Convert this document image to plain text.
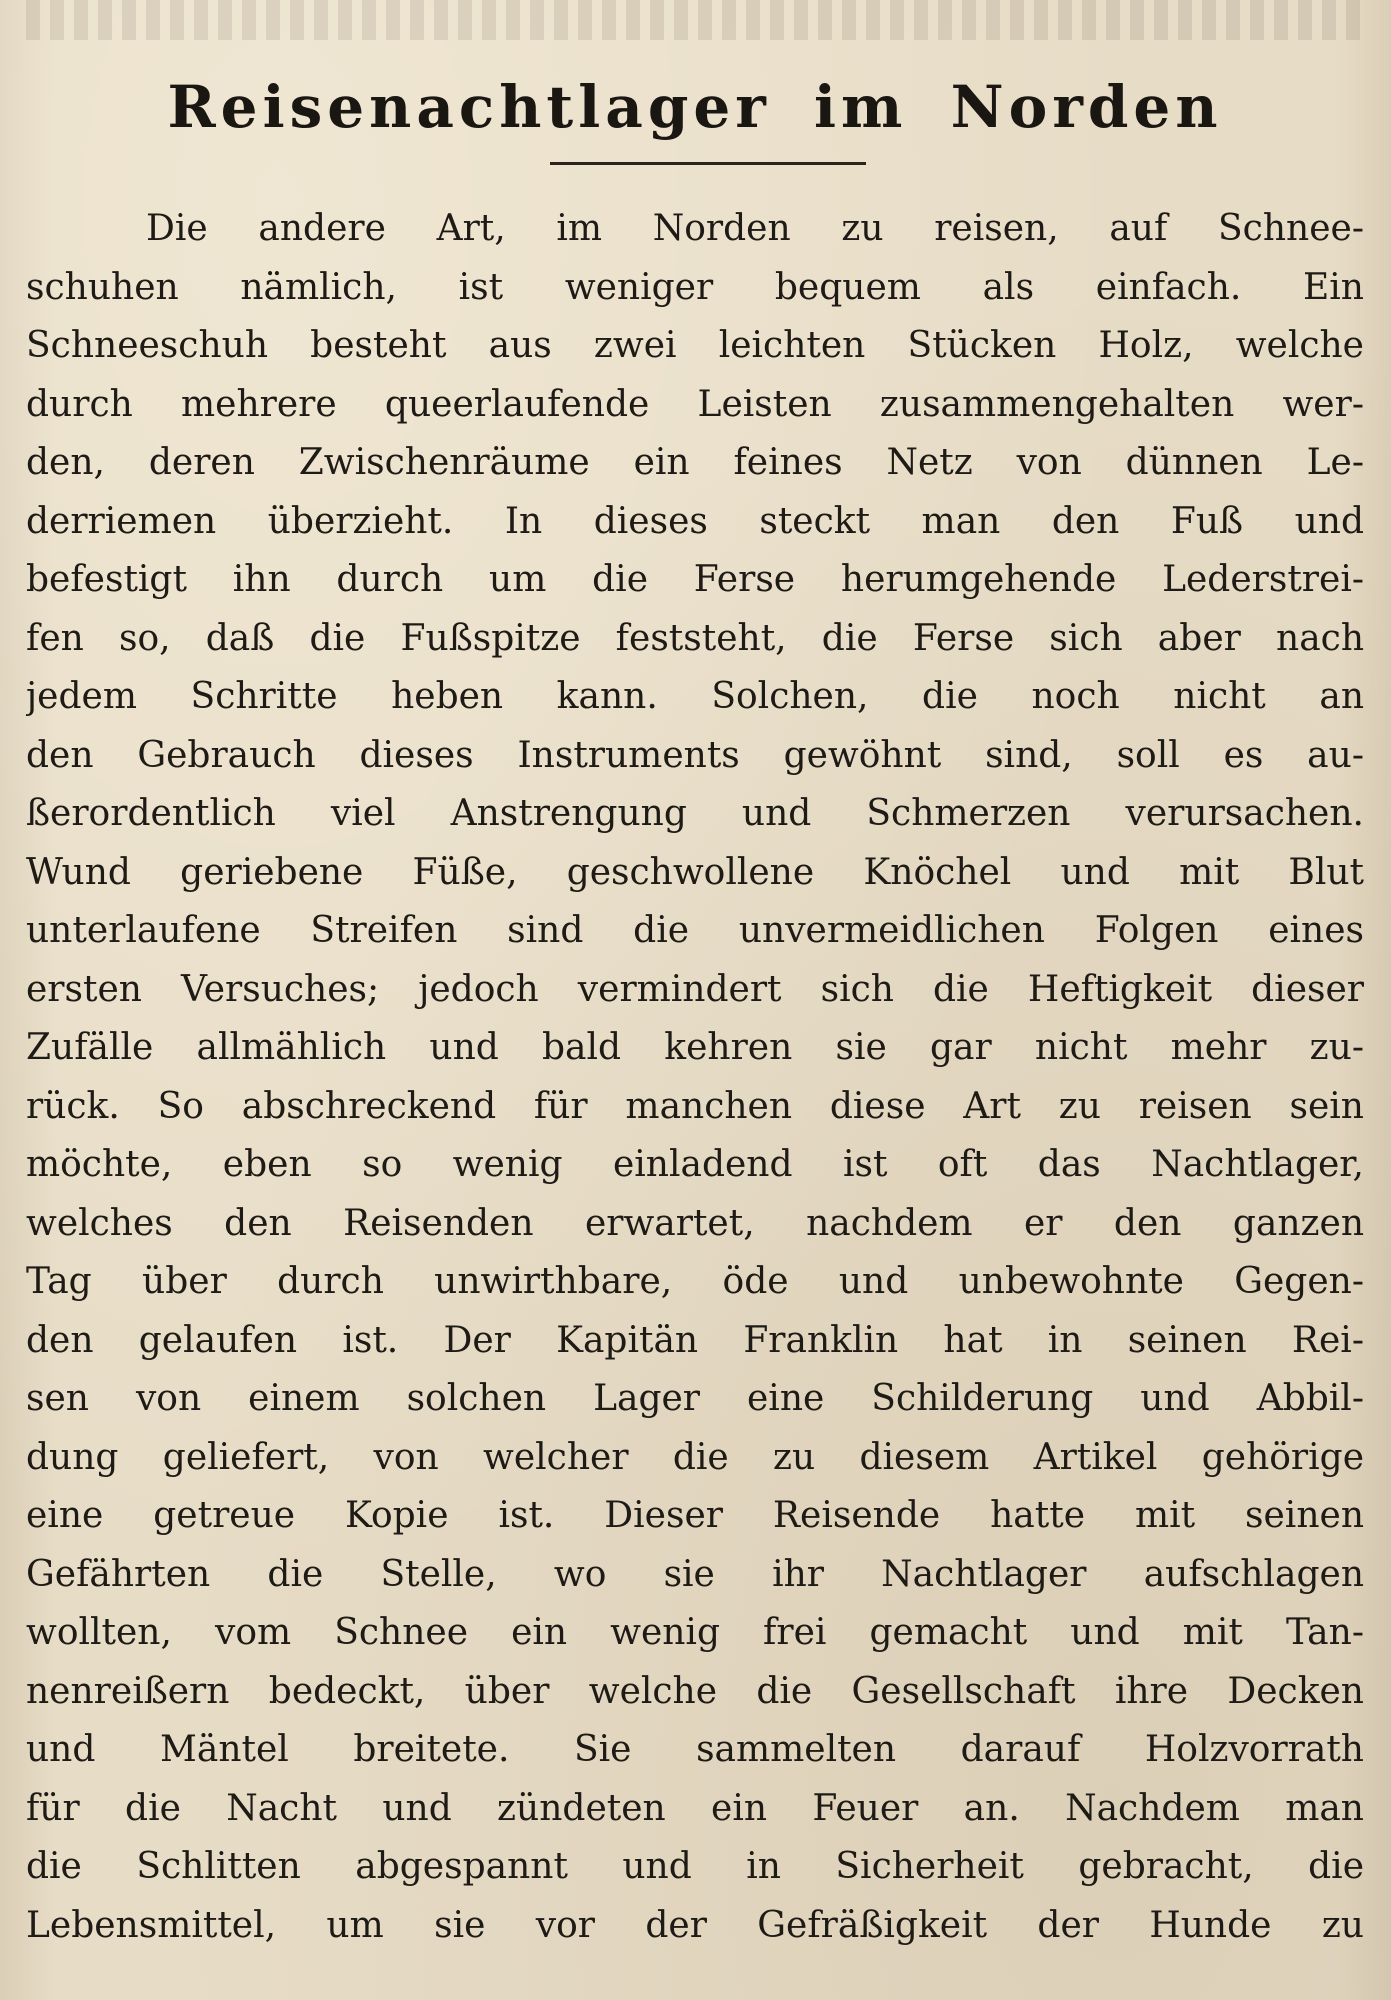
Reisenachtlager im Norden
Die andere Art, im Norden zu reisen, auf Schnee-
schuhen nämlich, ist weniger bequem als einfach. Ein
Schneeschuh besteht aus zwei leichten Stücken Holz, welche
durch mehrere queerlaufende Leisten zusammengehalten wer-
den, deren Zwischenräume ein feines Netz von dünnen Le-
derriemen überzieht. In dieses steckt man den Fuß und
befestigt ihn durch um die Ferse herumgehende Lederstrei-
fen so, daß die Fußspitze feststeht, die Ferse sich aber nach
jedem Schritte heben kann. Solchen, die noch nicht an
den Gebrauch dieses Instruments gewöhnt sind, soll es au-
ßerordentlich viel Anstrengung und Schmerzen verursachen.
Wund geriebene Füße, geschwollene Knöchel und mit Blut
unterlaufene Streifen sind die unvermeidlichen Folgen eines
ersten Versuches; jedoch vermindert sich die Heftigkeit dieser
Zufälle allmählich und bald kehren sie gar nicht mehr zu-
rück. So abschreckend für manchen diese Art zu reisen sein
möchte, eben so wenig einladend ist oft das Nachtlager,
welches den Reisenden erwartet, nachdem er den ganzen
Tag über durch unwirthbare, öde und unbewohnte Gegen-
den gelaufen ist. Der Kapitän Franklin hat in seinen Rei-
sen von einem solchen Lager eine Schilderung und Abbil-
dung geliefert, von welcher die zu diesem Artikel gehörige
eine getreue Kopie ist. Dieser Reisende hatte mit seinen
Gefährten die Stelle, wo sie ihr Nachtlager aufschlagen
wollten, vom Schnee ein wenig frei gemacht und mit Tan-
nenreißern bedeckt, über welche die Gesellschaft ihre Decken
und Mäntel breitete. Sie sammelten darauf Holzvorrath
für die Nacht und zündeten ein Feuer an. Nachdem man
die Schlitten abgespannt und in Sicherheit gebracht, die
Lebensmittel, um sie vor der Gefräßigkeit der Hunde zu
